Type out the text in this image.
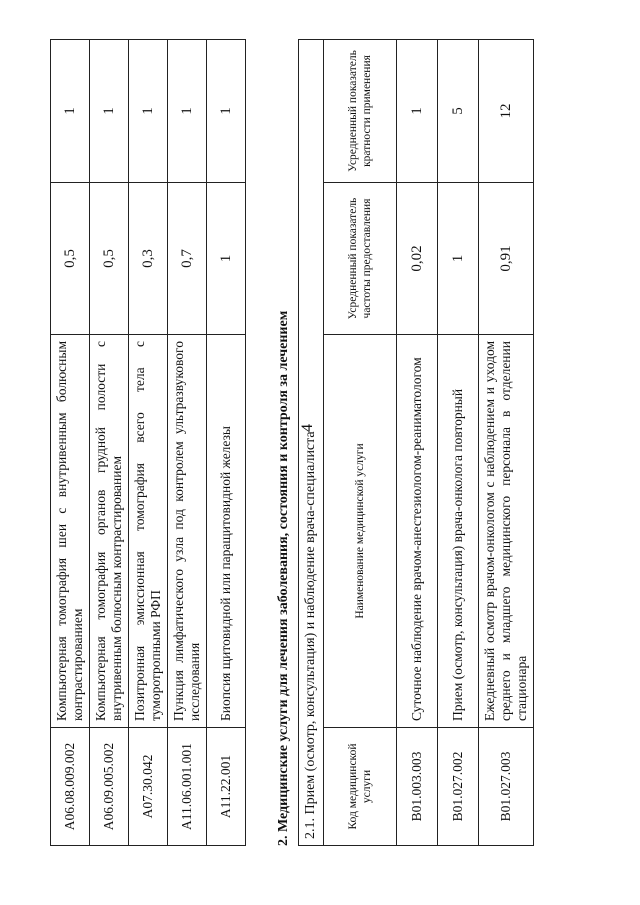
4
A06.08.009.002	Компьютерная томография шеи с внутривенным болюсным контрастированием	0,5	1
A06.09.005.002	Компьютерная томография органов грудной полости с внутривенным болюсным контрастированием	0,5	1
A07.30.042	Позитронная эмиссионная томография всего тела с туморотропными РФП	0,3	1
A11.06.001.001	Пункция лимфатического узла под контролем ультразвукового исследования	0,7	1
A11.22.001	Биопсия щитовидной или паращитовидной железы	1	1
2. Медицинские услуги для лечения заболевания, состояния и контроля за лечением 2.1. Прием (осмотр, консультация) и наблюдение врача-специалиста			
Код медицинской услуги	Наименование медицинской услуги	Усредненный показатель частоты предоставления	Усредненный показатель кратности применения
B01.003.003	Суточное наблюдение врачом-анестезиологом-реаниматологом	0,02	1
B01.027.002	Прием (осмотр, консультация) врача-онколога повторный	1	5
B01.027.003	Ежедневный осмотр врачом-онкологом с наблюдением и уходом среднего и младшего медицинского персонала в отделении стационара	0,91	12
